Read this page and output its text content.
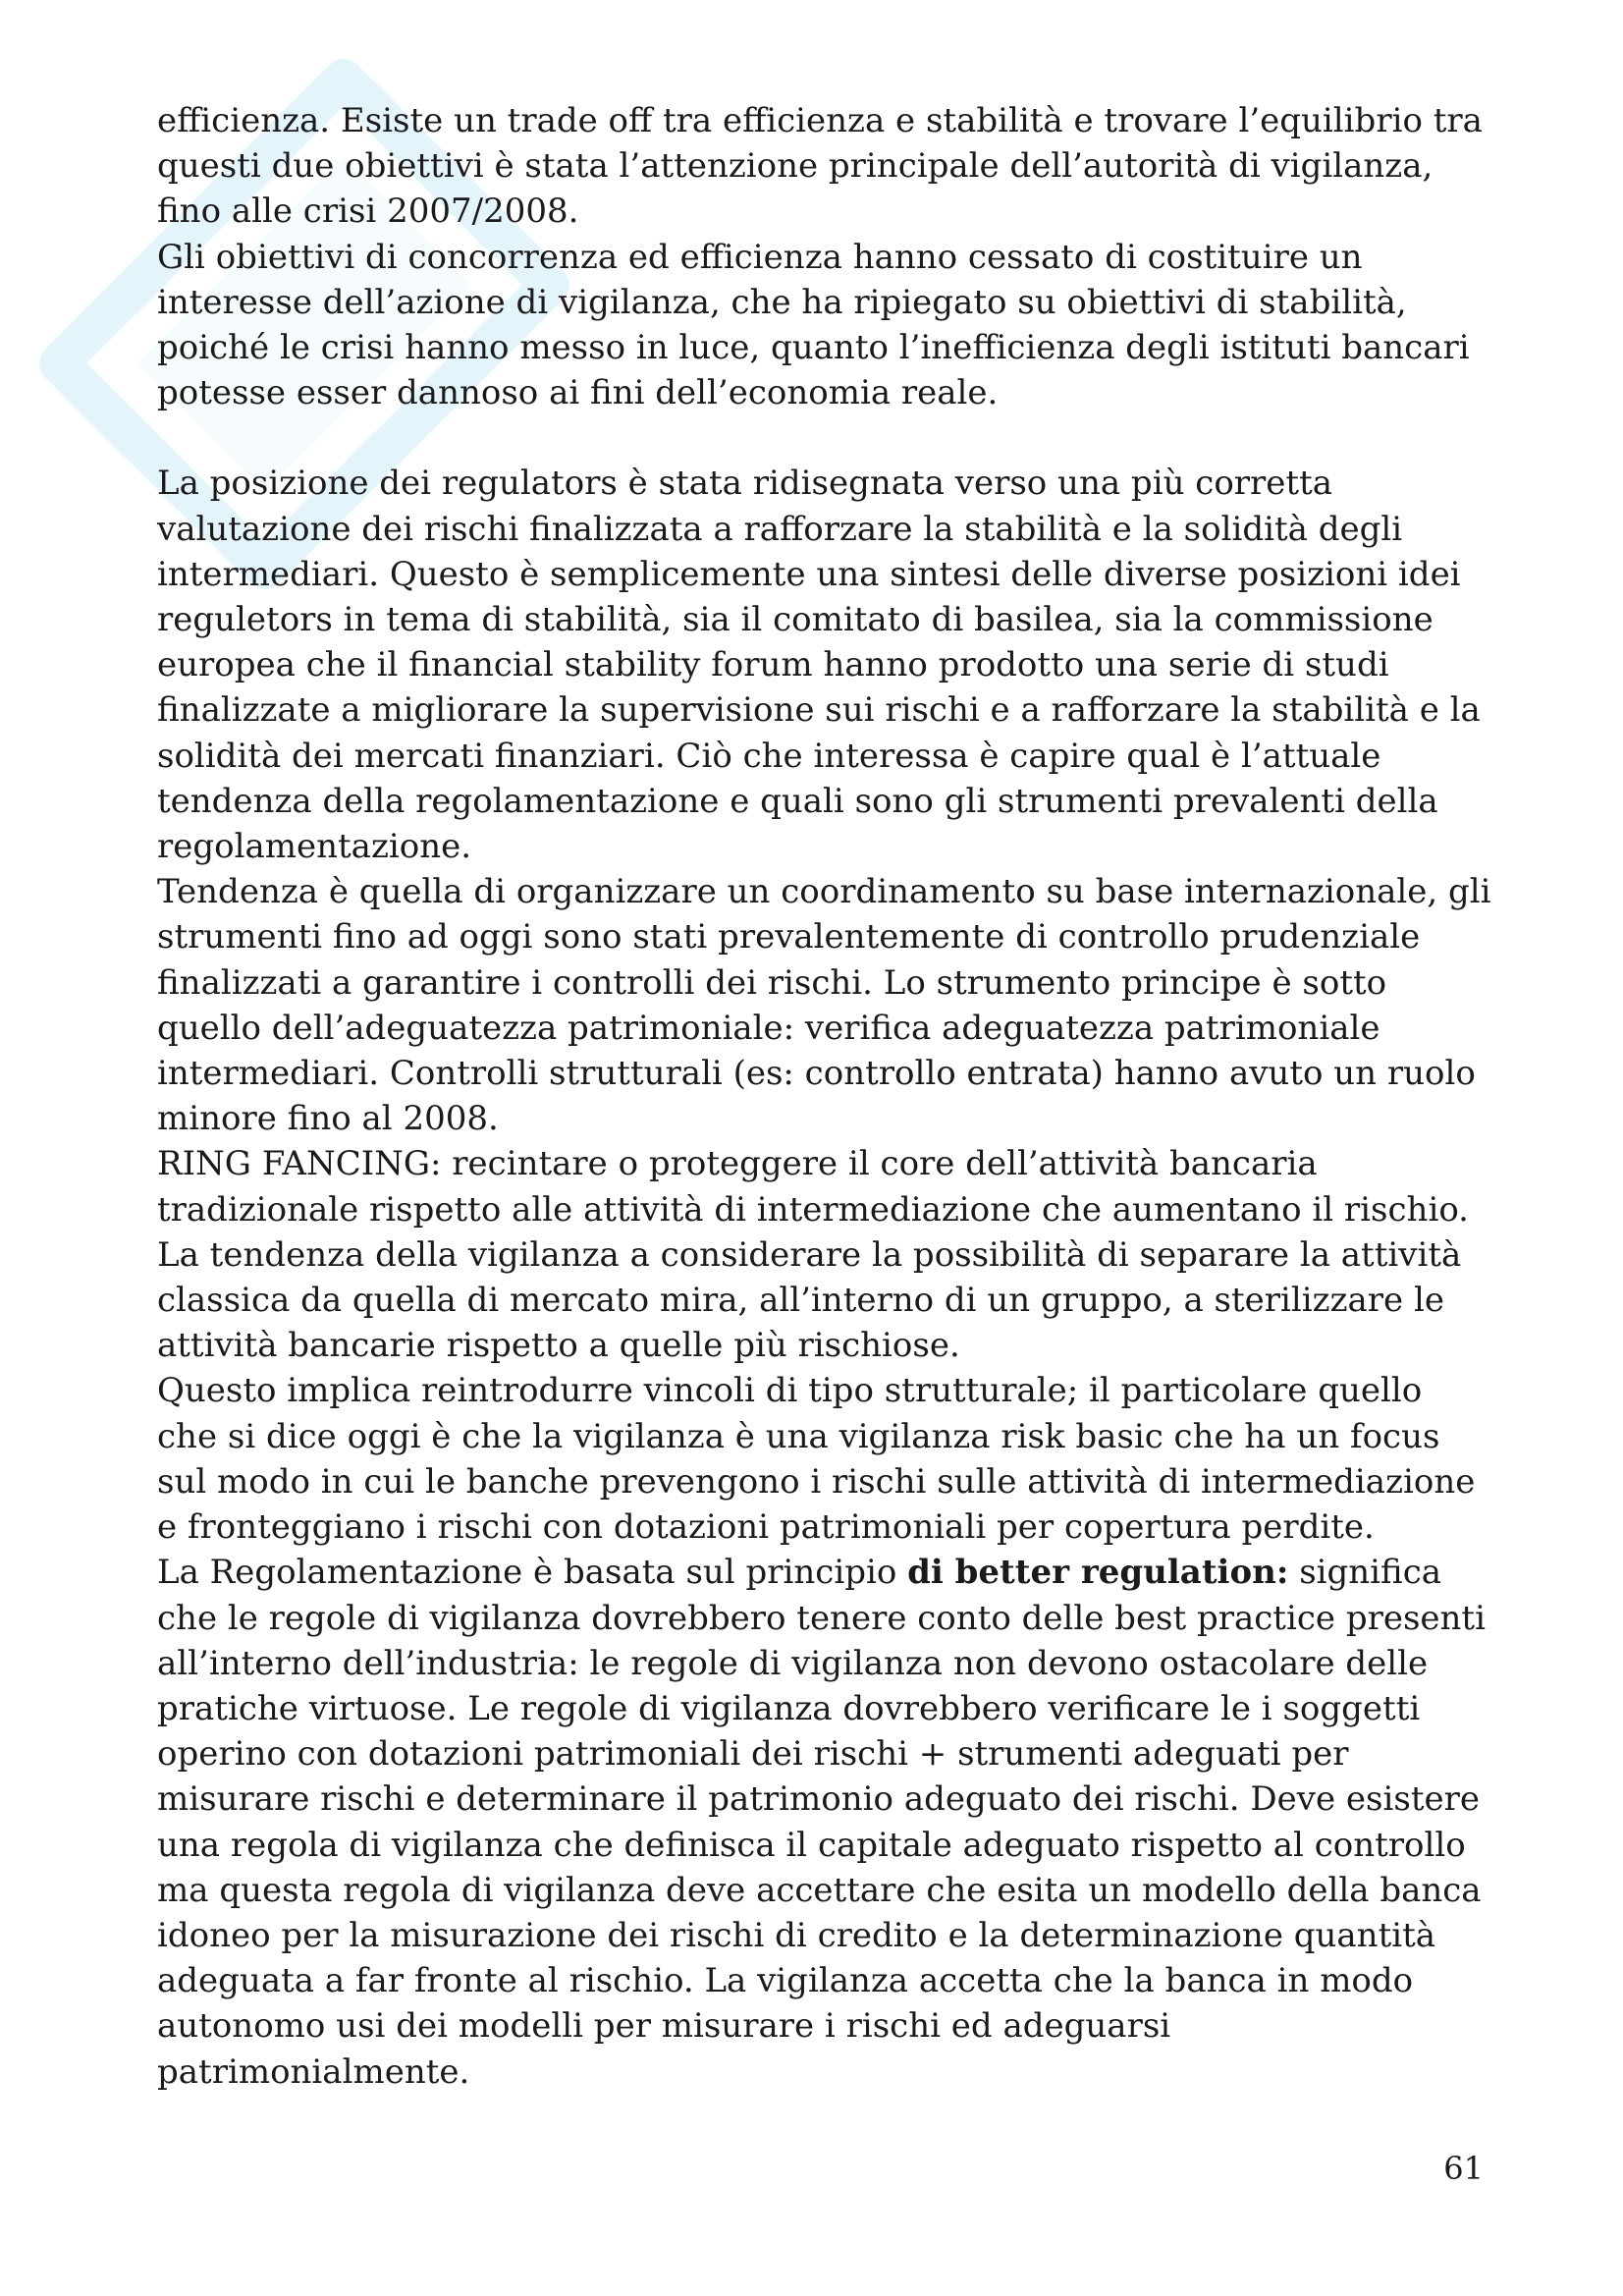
efficienza. Esiste un trade off tra efficienza e stabilità e trovare l’equilibrio tra questi due obiettivi è stata l’attenzione principale dell’autorità di vigilanza, fino alle crisi 2007/2008.

Gli obiettivi di concorrenza ed efficienza hanno cessato di costituire un interesse dell’azione di vigilanza, che ha ripiegato su obiettivi di stabilità, poiché le crisi hanno messo in luce, quanto l’inefficienza degli istituti bancari potesse esser dannoso ai fini dell’economia reale.

La posizione dei regulators è stata ridisegnata verso una più corretta valutazione dei rischi finalizzata a rafforzare la stabilità e la solidità degli intermediari. Questo è semplicemente una sintesi delle diverse posizioni idei reguletors in tema di stabilità, sia il comitato di basilea, sia la commissione europea che il financial stability forum hanno prodotto una serie di studi finalizzate a migliorare la supervisione sui rischi e a rafforzare la stabilità e la solidità dei mercati finanziari. Ciò che interessa è capire qual è l’attuale tendenza della regolamentazione e quali sono gli strumenti prevalenti della regolamentazione.

Tendenza è quella di organizzare un coordinamento su base internazionale, gli strumenti fino ad oggi sono stati prevalentemente di controllo prudenziale finalizzati a garantire i controlli dei rischi. Lo strumento principe è sotto quello dell’adeguatezza patrimoniale: verifica adeguatezza patrimoniale intermediari. Controlli strutturali (es: controllo entrata) hanno avuto un ruolo minore fino al 2008.

RING FANCING: recintare o proteggere il core dell’attività bancaria tradizionale rispetto alle attività di intermediazione che aumentano il rischio.

La tendenza della vigilanza a considerare la possibilità di separare la attività classica da quella di mercato mira, all’interno di un gruppo, a sterilizzare le attività bancarie rispetto a quelle più rischiose.

Questo implica reintrodurre vincoli di tipo strutturale; il particolare quello che si dice oggi è che la vigilanza è una vigilanza risk basic che ha un focus sul modo in cui le banche prevengono i rischi sulle attività di intermediazione e fronteggiano i rischi con dotazioni patrimoniali per copertura perdite.

La Regolamentazione è basata sul principio di better regulation: significa che le regole di vigilanza dovrebbero tenere conto delle best practice presenti all’interno dell’industria: le regole di vigilanza non devono ostacolare delle pratiche virtuose. Le regole di vigilanza dovrebbero verificare le i soggetti operino con dotazioni patrimoniali dei rischi + strumenti adeguati per misurare rischi e determinare il patrimonio adeguato dei rischi. Deve esistere una regola di vigilanza che definisca il capitale adeguato rispetto al controllo ma questa regola di vigilanza deve accettare che esita un modello della banca idoneo per la misurazione dei rischi di credito e la determinazione quantità adeguata a far fronte al rischio. La vigilanza accetta che la banca in modo autonomo usi dei modelli per misurare i rischi ed adeguarsi patrimonialmente.

61
